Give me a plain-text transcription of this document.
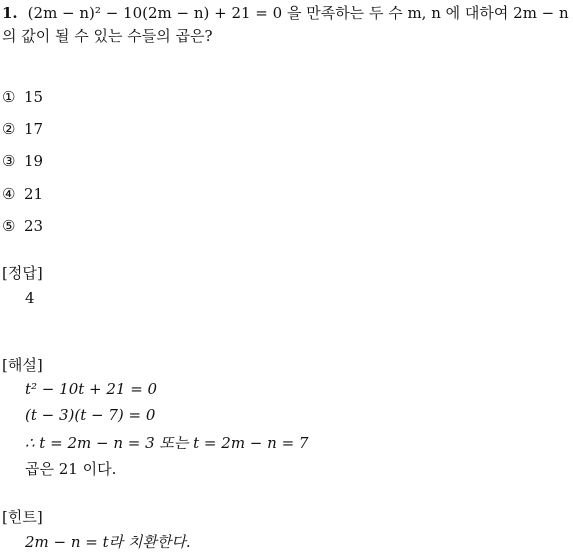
1. (2m − n)² − 10(2m − n) + 21 = 0 을 만족하는 두 수 m, n 에 대하여 2m − n
의 값이 될 수 있는 수들의 곱은?
① 15
② 17
③ 19
④ 21
⑤ 23
[정답]
4
[해설]
t² − 10t + 21 = 0
(t − 3)(t − 7) = 0
∴ t = 2m − n = 3 또는 t = 2m − n = 7
곱은 21 이다.
[힌트]
2m − n = t라 치환한다.
